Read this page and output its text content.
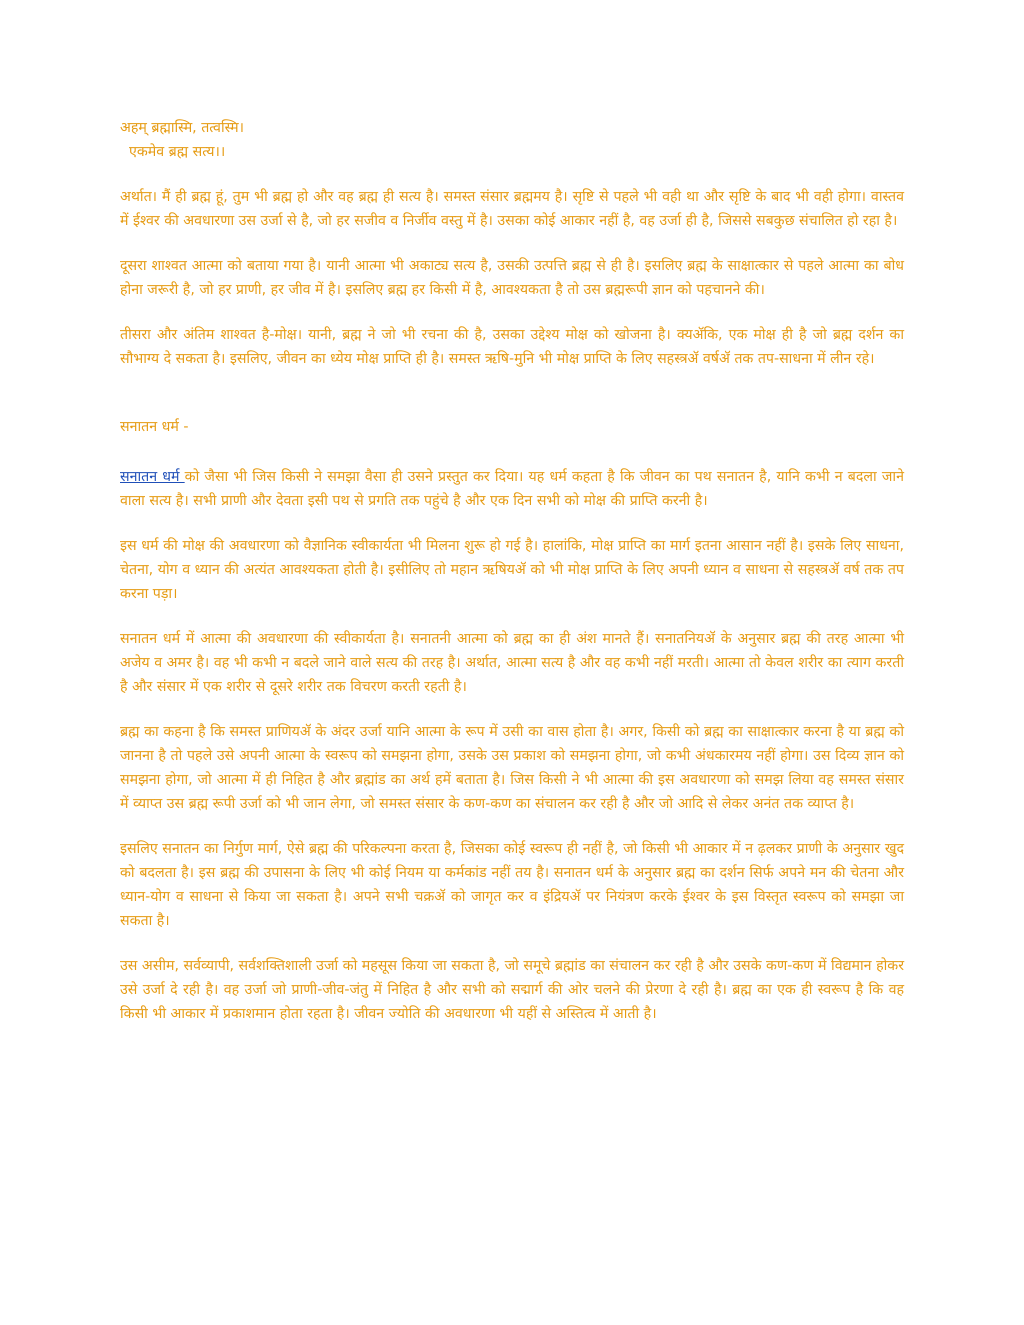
अहम् ब्रह्मास्मि, तत्वस्मि।
एकमेव ब्रह्म सत्य।।

अर्थात। मैं ही ब्रह्म हूं, तुम भी ब्रह्म हो और वह ब्रह्म ही सत्य है। समस्त संसार ब्रह्ममय है। सृष्टि से पहले भी वही था और सृष्टि के बाद भी वही होगा। वास्तव में ईश्वर की अवधारणा उस उर्जा से है, जो हर सजीव व निर्जीव वस्तु में है। उसका कोई आकार नहीं है, वह उर्जा ही है, जिससे सबकुछ संचालित हो रहा है।

दूसरा शाश्वत आत्मा को बताया गया है। यानी आत्मा भी अकाट्य सत्य है, उसकी उत्पत्ति ब्रह्म से ही है। इसलिए ब्रह्म के साक्षात्कार से पहले आत्मा का बोध होना जरूरी है, जो हर प्राणी, हर जीव में है। इसलिए ब्रह्म हर किसी में है, आवश्यकता है तो उस ब्रह्मरूपी ज्ञान को पहचानने की।

तीसरा और अंतिम शाश्वत है-मोक्ष। यानी, ब्रह्म ने जो भी रचना की है, उसका उद्देश्य मोक्ष को खोजना है। क्यॲकि, एक मोक्ष ही है जो ब्रह्म दर्शन का सौभाग्य दे सकता है। इसलिए, जीवन का ध्येय मोक्ष प्राप्ति ही है। समस्त ऋषि-मुनि भी मोक्ष प्राप्ति के लिए सहस्त्रॲ वर्षॲ तक तप-साधना में लीन रहे।

सनातन धर्म -

सनातन धर्म को जैसा भी जिस किसी ने समझा वैसा ही उसने प्रस्तुत कर दिया। यह धर्म कहता है कि जीवन का पथ सनातन है, यानि कभी न बदला जाने वाला सत्य है। सभी प्राणी और देवता इसी पथ से प्रगति तक पहुंचे है और एक दिन सभी को मोक्ष की प्राप्ति करनी है।

इस धर्म की मोक्ष की अवधारणा को वैज्ञानिक स्वीकार्यता भी मिलना शुरू हो गई है। हालांकि, मोक्ष प्राप्ति का मार्ग इतना आसान नहीं है। इसके लिए साधना, चेतना, योग व ध्यान की अत्यंत आवश्यकता होती है। इसीलिए तो महान ऋषियॲ को भी मोक्ष प्राप्ति के लिए अपनी ध्यान व साधना से सहस्त्रॲ वर्ष तक तप करना पड़ा।

सनातन धर्म में आत्मा की अवधारणा की स्वीकार्यता है। सनातनी आत्मा को ब्रह्म का ही अंश मानते हैं। सनातनियॲ के अनुसार ब्रह्म की तरह आत्मा भी अजेय व अमर है। वह भी कभी न बदले जाने वाले सत्य की तरह है। अर्थात, आत्मा सत्य है और वह कभी नहीं मरती। आत्मा तो केवल शरीर का त्याग करती है और संसार में एक शरीर से दूसरे शरीर तक विचरण करती रहती है।

ब्रह्म का कहना है कि समस्त प्राणियॲ के अंदर उर्जा यानि आत्मा के रूप में उसी का वास होता है। अगर, किसी को ब्रह्म का साक्षात्कार करना है या ब्रह्म को जानना है तो पहले उसे अपनी आत्मा के स्वरूप को समझना होगा, उसके उस प्रकाश को समझना होगा, जो कभी अंधकारमय नहीं होगा। उस दिव्य ज्ञान को समझना होगा, जो आत्मा में ही निहित है और ब्रह्मांड का अर्थ हमें बताता है। जिस किसी ने भी आत्मा की इस अवधारणा को समझ लिया वह समस्त संसार में व्याप्त उस ब्रह्म रूपी उर्जा को भी जान लेगा, जो समस्त संसार के कण-कण का संचालन कर रही है और जो आदि से लेकर अनंत तक व्याप्त है।

इसलिए सनातन का निर्गुण मार्ग, ऐसे ब्रह्म की परिकल्पना करता है, जिसका कोई स्वरूप ही नहीं है, जो किसी भी आकार में न ढ़लकर प्राणी के अनुसार खुद को बदलता है। इस ब्रह्म की उपासना के लिए भी कोई नियम या कर्मकांड नहीं तय है। सनातन धर्म के अनुसार ब्रह्म का दर्शन सिर्फ अपने मन की चेतना और ध्यान-योग व साधना से किया जा सकता है। अपने सभी चक्रॲ को जागृत कर व इंद्रियॲ पर नियंत्रण करके ईश्वर के इस विस्तृत स्वरूप को समझा जा सकता है।

उस असीम, सर्वव्यापी, सर्वशक्तिशाली उर्जा को महसूस किया जा सकता है, जो समूचे ब्रह्मांड का संचालन कर रही है और उसके कण-कण में विद्यमान होकर उसे उर्जा दे रही है। वह उर्जा जो प्राणी-जीव-जंतु में निहित है और सभी को सद्मार्ग की ओर चलने की प्रेरणा दे रही है। ब्रह्म का एक ही स्वरूप है कि वह किसी भी आकार में प्रकाशमान होता रहता है। जीवन ज्योति की अवधारणा भी यहीं से अस्तित्व में आती है।
